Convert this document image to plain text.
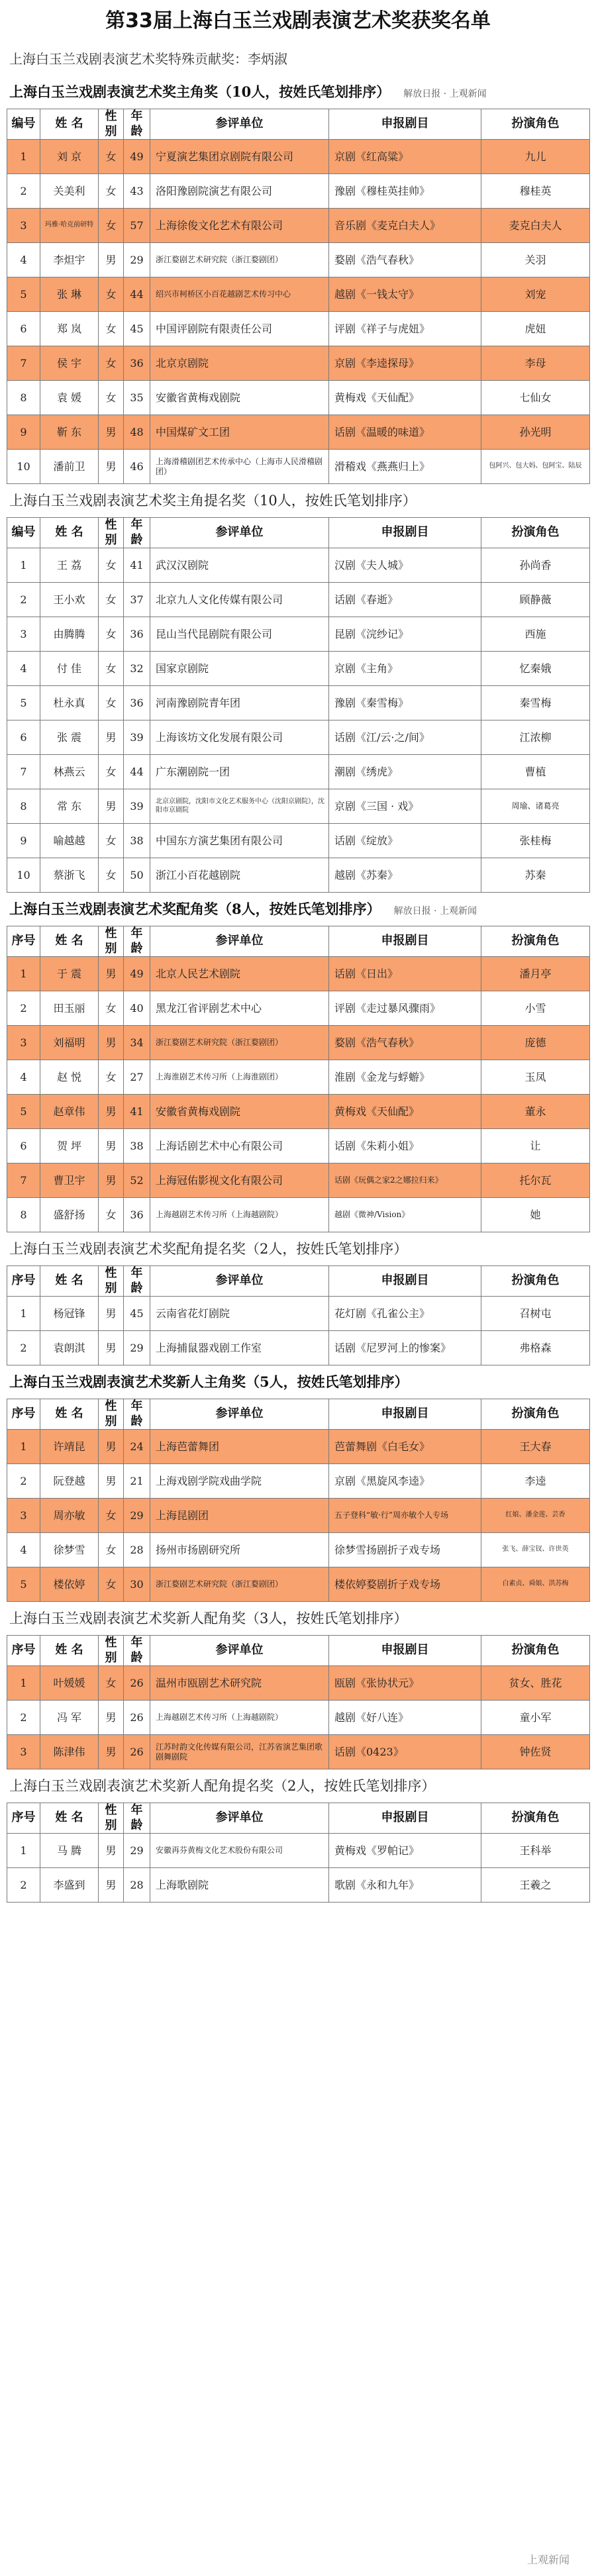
第33届上海白玉兰戏剧表演艺术奖获奖名单
上海白玉兰戏剧表演艺术奖特殊贡献奖：李炳淑
上海白玉兰戏剧表演艺术奖主角奖（10人，按姓氏笔划排序） 解放日报 · 上观新闻
编号	姓 名	性别	年龄	参评单位	申报剧目	扮演角色
1	刘 京	女	49	宁夏演艺集团京剧院有限公司	京剧《红高粱》	九儿
2	关美利	女	43	洛阳豫剧院演艺有限公司	豫剧《穆桂英挂帅》	穆桂英
3	玛雅·哈克前研特	女	57	上海徐俊文化艺术有限公司	音乐剧《麦克白夫人》	麦克白夫人
4	李炟宇	男	29	浙江婺剧艺术研究院（浙江婺剧团）	婺剧《浩气春秋》	关羽
5	张 琳	女	44	绍兴市柯桥区小百花越剧艺术传习中心	越剧《一钱太守》	刘宠
6	郑 岚	女	45	中国评剧院有限责任公司	评剧《祥子与虎妞》	虎妞
7	侯 宇	女	36	北京京剧院	京剧《李逵探母》	李母
8	袁 媛	女	35	安徽省黄梅戏剧院	黄梅戏《天仙配》	七仙女
9	靳 东	男	48	中国煤矿文工团	话剧《温暖的味道》	孙光明
10	潘前卫	男	46	上海滑稽剧团艺术传承中心（上海市人民滑稽剧团）	滑稽戏《燕燕归上》	包阿兴、包大妈、包阿宝、陆辰
上海白玉兰戏剧表演艺术奖主角提名奖（10人，按姓氏笔划排序）
编号	姓 名	性别	年龄	参评单位	申报剧目	扮演角色
1	王 荔	女	41	武汉汉剧院	汉剧《夫人城》	孙尚香
2	王小欢	女	37	北京九人文化传媒有限公司	话剧《春逝》	顾静薇
3	由腾腾	女	36	昆山当代昆剧院有限公司	昆剧《浣纱记》	西施
4	付 佳	女	32	国家京剧院	京剧《主角》	忆秦娥
5	杜永真	女	36	河南豫剧院青年团	豫剧《秦雪梅》	秦雪梅
6	张 震	男	39	上海该坊文化发展有限公司	话剧《江/云·之/间》	江浓柳
7	林燕云	女	44	广东潮剧院一团	潮剧《绣虎》	曹植
8	常 东	男	39	北京京剧院，沈阳市文化艺术服务中心（沈阳京剧院），沈阳市京剧院	京剧《三国 · 戏》	周瑜、诸葛亮
9	喻越越	女	38	中国东方演艺集团有限公司	话剧《绽放》	张桂梅
10	蔡浙飞	女	50	浙江小百花越剧院	越剧《苏秦》	苏秦
上海白玉兰戏剧表演艺术奖配角奖（8人，按姓氏笔划排序） 解放日报 · 上观新闻
序号	姓 名	性别	年龄	参评单位	申报剧目	扮演角色
1	于 震	男	49	北京人民艺术剧院	话剧《日出》	潘月亭
2	田玉丽	女	40	黑龙江省评剧艺术中心	评剧《走过暴风骤雨》	小雪
3	刘福明	男	34	浙江婺剧艺术研究院（浙江婺剧团）	婺剧《浩气春秋》	庞德
4	赵 悦	女	27	上海淮剧艺术传习所（上海淮剧团）	淮剧《金龙与蜉蝣》	玉凤
5	赵章伟	男	41	安徽省黄梅戏剧院	黄梅戏《天仙配》	董永
6	贺 坪	男	38	上海话剧艺术中心有限公司	话剧《朱莉小姐》	让
7	曹卫宇	男	52	上海冠佑影视文化有限公司	话剧《玩偶之家2之娜拉归来》	托尔瓦
8	盛舒扬	女	36	上海越剧艺术传习所（上海越剧院）	越剧《微神/Vision》	她
上海白玉兰戏剧表演艺术奖配角提名奖（2人，按姓氏笔划排序）
序号	姓 名	性别	年龄	参评单位	申报剧目	扮演角色
1	杨冠锋	男	45	云南省花灯剧院	花灯剧《孔雀公主》	召树屯
2	袁朗淇	男	29	上海捕鼠器戏剧工作室	话剧《尼罗河上的惨案》	弗格森
上海白玉兰戏剧表演艺术奖新人主角奖（5人，按姓氏笔划排序）
序号	姓 名	性别	年龄	参评单位	申报剧目	扮演角色
1	许靖昆	男	24	上海芭蕾舞团	芭蕾舞剧《白毛女》	王大春
2	阮登越	男	21	上海戏剧学院戏曲学院	京剧《黑旋风李逵》	李逵
3	周亦敏	女	29	上海昆剧团	五子登科“敏·行”周亦敏个人专场	红娘、潘金莲、芸香
4	徐梦雪	女	28	扬州市扬剧研究所	徐梦雪扬剧折子戏专场	张飞、薛宝钗、许世英
5	楼依婷	女	30	浙江婺剧艺术研究院（浙江婺剧团）	楼依婷婺剧折子戏专场	白素贞、舜娘、洪苏梅
上海白玉兰戏剧表演艺术奖新人配角奖（3人，按姓氏笔划排序）
序号	姓 名	性别	年龄	参评单位	申报剧目	扮演角色
1	叶媛媛	女	26	温州市瓯剧艺术研究院	瓯剧《张协状元》	贫女、胜花
2	冯 军	男	26	上海越剧艺术传习所（上海越剧院）	越剧《好八连》	童小军
3	陈津伟	男	26	江苏时韵文化传媒有限公司，江苏省演艺集团歌剧舞剧院	话剧《0423》	钟佐贤
上海白玉兰戏剧表演艺术奖新人配角提名奖（2人，按姓氏笔划排序）
序号	姓 名	性别	年龄	参评单位	申报剧目	扮演角色
1	马 腾	男	29	安徽再芬黄梅文化艺术股份有限公司	黄梅戏《罗帕记》	王科举
2	李盛到	男	28	上海歌剧院	歌剧《永和九年》	王羲之
上观新闻
